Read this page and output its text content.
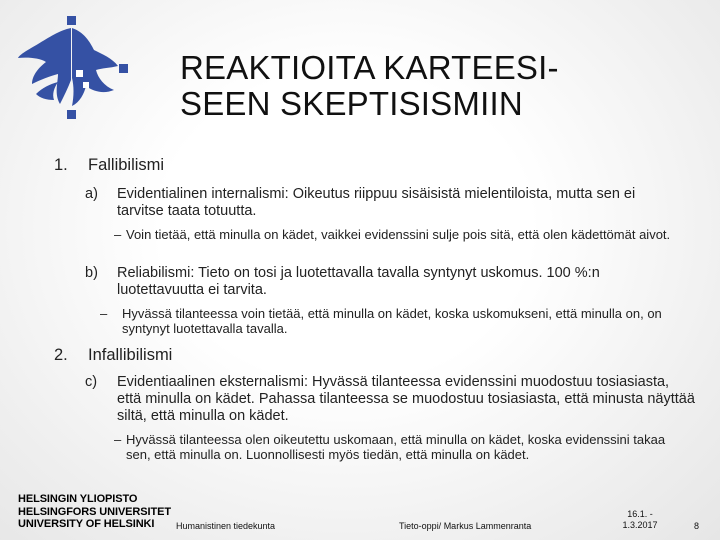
REAKTIOITA KARTEESI-
SEEN SKEPTISISMIIN
1. Fallibilismi
a) Evidentialinen internalismi: Oikeutus riippuu sisäisistä mielentiloista, mutta sen ei tarvitse taata totuutta.
– Voin tietää, että minulla on kädet, vaikkei evidenssini sulje pois sitä, että olen kädettömät aivot.
b) Reliabilismi: Tieto on tosi ja luotettavalla tavalla syntynyt uskomus. 100 %:n luotettavuutta ei tarvita.
– Hyvässä tilanteessa voin tietää, että minulla on kädet, koska uskomukseni, että minulla on, on syntynyt luotettavalla tavalla.
2. Infallibilismi
c) Evidentiaalinen eksternalismi: Hyvässä tilanteessa evidenssini muodostuu tosiasiasta, että minulla on kädet. Pahassa tilanteessa se muodostuu tosiasiasta, että minusta näyttää siltä, että minulla on kädet.
– Hyvässä tilanteessa olen oikeutettu uskomaan, että minulla on kädet, koska evidenssini takaa sen, että minulla on. Luonnollisesti myös tiedän, että minulla on kädet.
HELSINGIN YLIOPISTO
HELSINGFORS UNIVERSITET
UNIVERSITY OF HELSINKI	Humanistinen tiedekunta	Tieto-oppi/ Markus Lammenranta
16.1. -
1.3.2017	8
